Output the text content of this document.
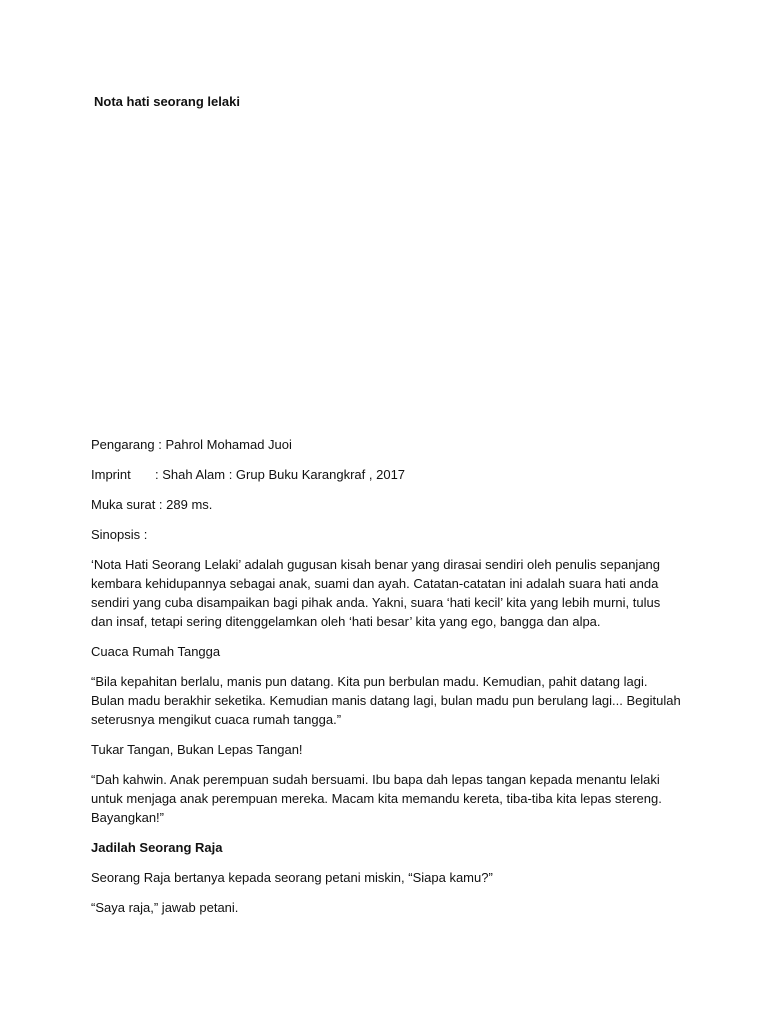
Nota hati seorang lelaki

Pengarang : Pahrol Mohamad Juoi

Imprint : Shah Alam : Grup Buku Karangkraf , 2017

Muka surat : 289 ms.

Sinopsis :

‘Nota Hati Seorang Lelaki’ adalah gugusan kisah benar yang dirasai sendiri oleh penulis sepanjang kembara kehidupannya sebagai anak, suami dan ayah. Catatan-catatan ini adalah suara hati anda sendiri yang cuba disampaikan bagi pihak anda. Yakni, suara ‘hati kecil’ kita yang lebih murni, tulus dan insaf, tetapi sering ditenggelamkan oleh ‘hati besar’ kita yang ego, bangga dan alpa.

Cuaca Rumah Tangga

“Bila kepahitan berlalu, manis pun datang. Kita pun berbulan madu. Kemudian, pahit datang lagi. Bulan madu berakhir seketika. Kemudian manis datang lagi, bulan madu pun berulang lagi... Begitulah seterusnya mengikut cuaca rumah tangga.”

Tukar Tangan, Bukan Lepas Tangan!

“Dah kahwin. Anak perempuan sudah bersuami. Ibu bapa dah lepas tangan kepada menantu lelaki untuk menjaga anak perempuan mereka. Macam kita memandu kereta, tiba-tiba kita lepas stereng. Bayangkan!”

Jadilah Seorang Raja

Seorang Raja bertanya kepada seorang petani miskin, “Siapa kamu?”

“Saya raja,” jawab petani.
